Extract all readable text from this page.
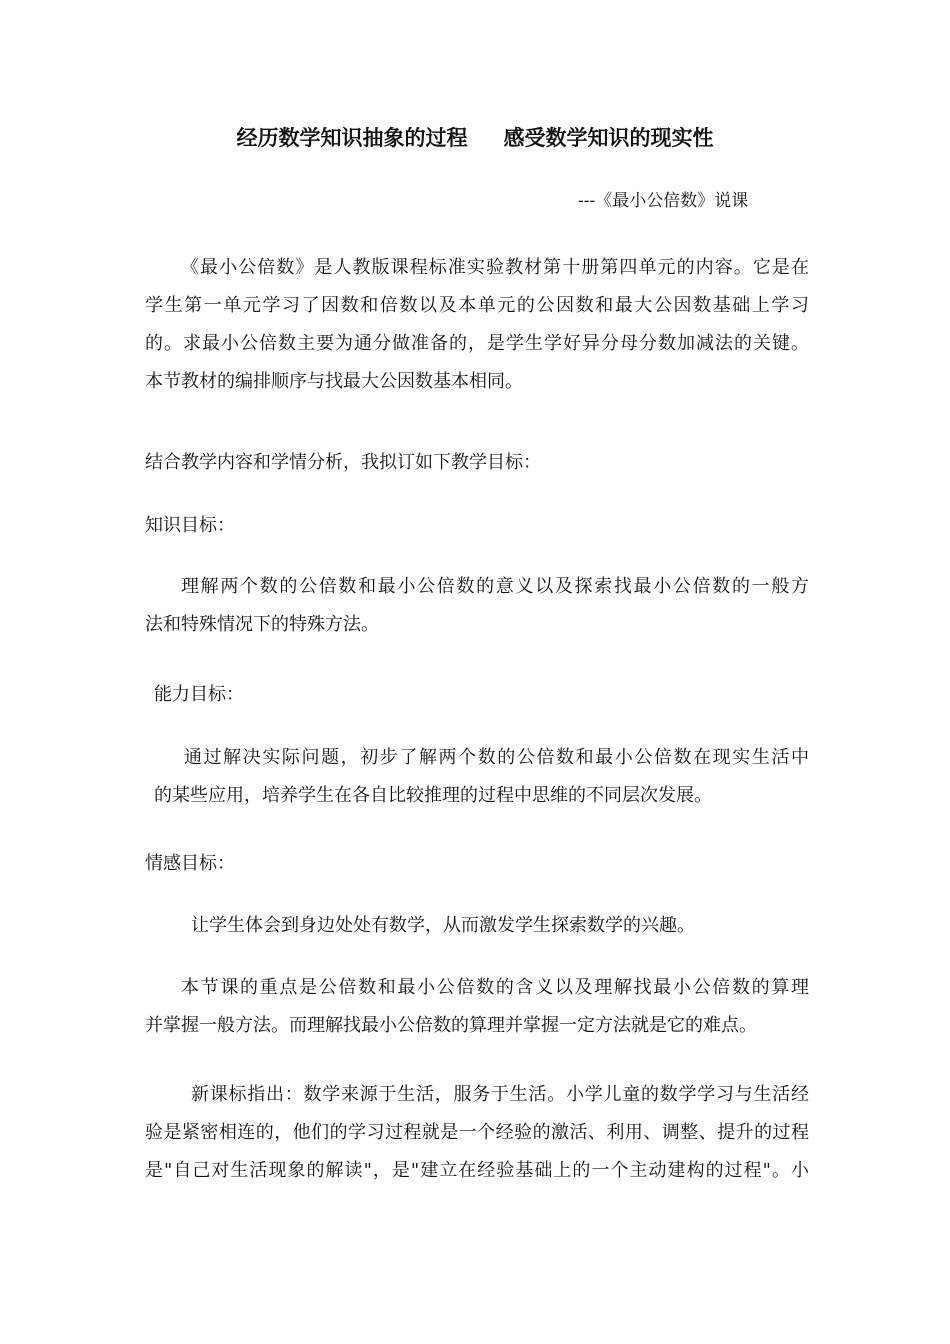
经历数学知识抽象的过程 感受数学知识的现实性
---《最小公倍数》说课
《最小公倍数》是人教版课程标准实验教材第十册第四单元的内容。它是在
学生第一单元学习了因数和倍数以及本单元的公因数和最大公因数基础上学习
的。求最小公倍数主要为通分做准备的，是学生学好异分母分数加减法的关键。
本节教材的编排顺序与找最大公因数基本相同。
结合教学内容和学情分析，我拟订如下教学目标：
知识目标：
理解两个数的公倍数和最小公倍数的意义以及探索找最小公倍数的一般方
法和特殊情况下的特殊方法。
能力目标：
通过解决实际问题，初步了解两个数的公倍数和最小公倍数在现实生活中
的某些应用，培养学生在各自比较推理的过程中思维的不同层次发展。
情感目标：
让学生体会到身边处处有数学，从而激发学生探索数学的兴趣。
本节课的重点是公倍数和最小公倍数的含义以及理解找最小公倍数的算理
并掌握一般方法。而理解找最小公倍数的算理并掌握一定方法就是它的难点。
新课标指出：数学来源于生活，服务于生活。小学儿童的数学学习与生活经
验是紧密相连的，他们的学习过程就是一个经验的激活、利用、调整、提升的过程
是"自己对生活现象的解读"，是"建立在经验基础上的一个主动建构的过程"。小
